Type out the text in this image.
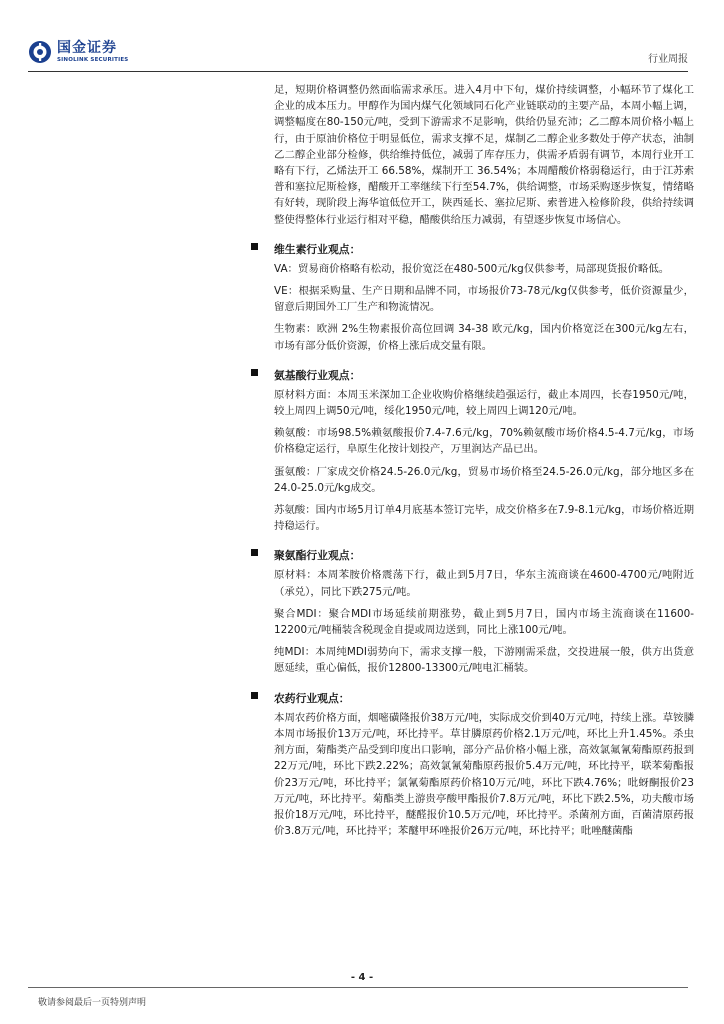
国金证券
SINOLINK SECURITIES	行业周报

足，短期价格调整仍然面临需求承压。进入4月中下旬，煤价持续调整，小幅环节了煤化工企业的成本压力。甲醇作为国内煤气化领域同石化产业链联动的主要产品，本周小幅上调，调整幅度在80-150元/吨，受到下游需求不足影响，供给仍显充沛；乙二醇本周价格小幅上行，由于原油价格位于明显低位，需求支撑不足，煤制乙二醇企业多数处于停产状态，油制乙二醇企业部分检修，供给维持低位，减弱了库存压力，供需矛盾弱有调节，本周行业开工略有下行，乙烯法开工 66.58%，煤制开工 36.54%；本周醋酸价格弱稳运行，由于江苏索普和塞拉尼斯检修，醋酸开工率继续下行至54.7%，供给调整，市场采购逐步恢复，情绪略有好转，现阶段上海华谊低位开工，陕西延长、塞拉尼斯、索普进入检修阶段，供给持续调整使得整体行业运行相对平稳，醋酸供给压力减弱，有望逐步恢复市场信心。

维生素行业观点：

VA：贸易商价格略有松动，报价宽泛在480-500元/kg仅供参考，局部现货报价略低。

VE：根据采购量、生产日期和品牌不同，市场报价73-78元/kg仅供参考，低价资源量少，留意后期国外工厂生产和物流情况。

生物素：欧洲 2%生物素报价高位回调 34-38 欧元/kg，国内价格宽泛在300元/kg左右，市场有部分低价资源，价格上涨后成交量有限。

氨基酸行业观点：

原材料方面：本周玉米深加工企业收购价格继续趋强运行，截止本周四，长春1950元/吨，较上周四上调50元/吨，绥化1950元/吨，较上周四上调120元/吨。

赖氨酸：市场98.5%赖氨酸报价7.4-7.6元/kg，70%赖氨酸市场价格4.5-4.7元/kg，市场价格稳定运行，阜原生化按计划投产，万里润达产品已出。

蛋氨酸：厂家成交价格24.5-26.0元/kg，贸易市场价格至24.5-26.0元/kg，部分地区多在24.0-25.0元/kg成交。

苏氨酸：国内市场5月订单4月底基本签订完毕，成交价格多在7.9-8.1元/kg，市场价格近期持稳运行。

聚氨酯行业观点：

原材料：本周苯胺价格震荡下行，截止到5月7日，华东主流商谈在4600-4700元/吨附近（承兑），同比下跌275元/吨。

聚合MDI：聚合MDI市场延续前期涨势，截止到5月7日，国内市场主流商谈在11600-12200元/吨桶装含税现金自提或周边送到，同比上涨100元/吨。

纯MDI：本周纯MDI弱势向下，需求支撑一般，下游刚需采盘，交投进展一般，供方出货意愿延续，重心偏低，报价12800-13300元/吨电汇桶装。

农药行业观点：

本周农药价格方面，烟嘧磺隆报价38万元/吨，实际成交价到40万元/吨，持续上涨。草铵膦本周市场报价13万元/吨，环比持平。草甘膦原药价格2.1万元/吨，环比上升1.45%。杀虫剂方面，菊酯类产品受到印度出口影响，部分产品价格小幅上涨，高效氯氟氰菊酯原药报到22万元/吨，环比下跌2.22%；高效氯氰菊酯原药报价5.4万元/吨，环比持平，联苯菊酯报价23万元/吨，环比持平；氯氰菊酯原药价格10万元/吨，环比下跌4.76%；吡蚜酮报价23万元/吨，环比持平。菊酯类上游贵亭酸甲酯报价7.8万元/吨，环比下跌2.5%，功夫酸市场报价18万元/吨，环比持平，醚醛报价10.5万元/吨，环比持平。杀菌剂方面，百菌清原药报价3.8万元/吨，环比持平；苯醚甲环唑报价26万元/吨，环比持平；吡唑醚菌酯

- 4 -
敬请参阅最后一页特别声明
